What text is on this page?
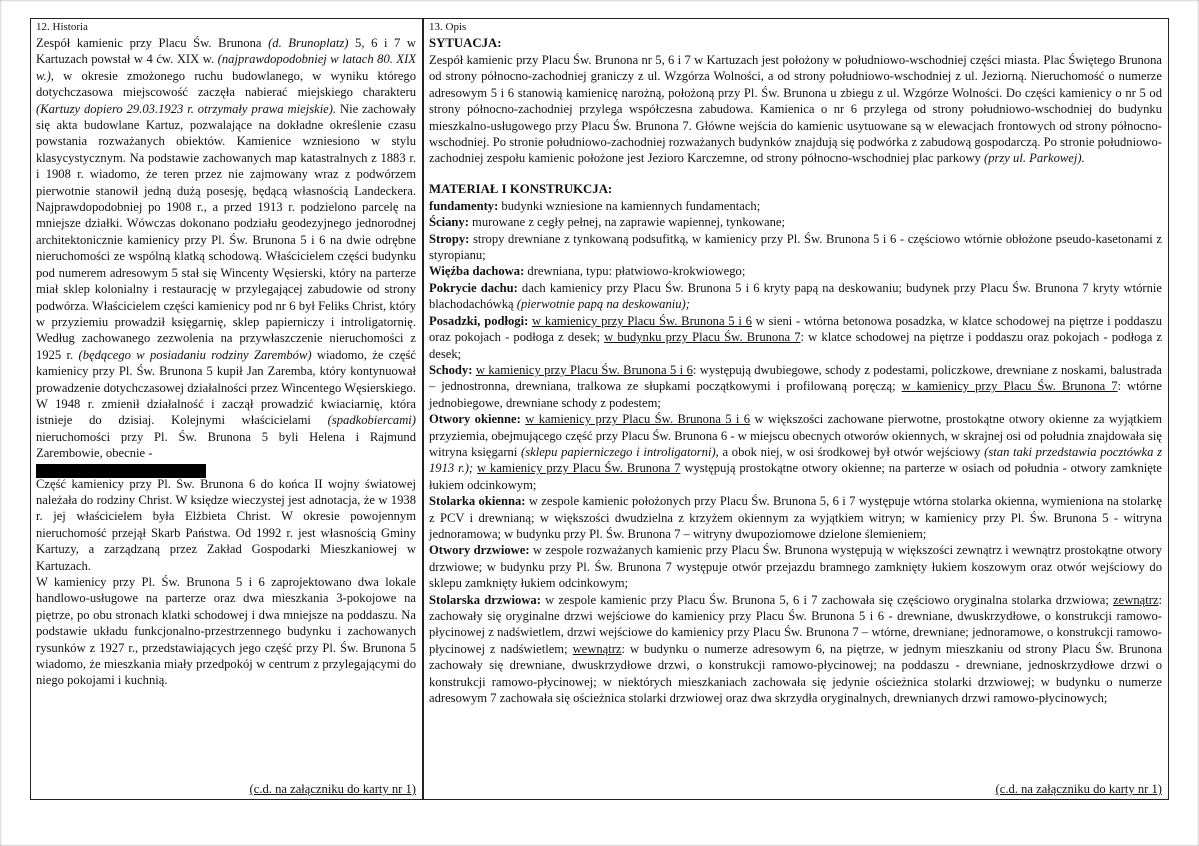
12. Historia

Zespół kamienic przy Placu Św. Brunona (d. Brunoplatz) 5, 6 i 7 w Kartuzach powstał w 4 ćw. XIX w. (najprawdopodobniej w latach 80. XIX w.), w okresie zmożonego ruchu budowlanego, w wyniku którego dotychczasowa miejscowość zaczęła nabierać miejskiego charakteru (Kartuzy dopiero 29.03.1923 r. otrzymały prawa miejskie). Nie zachowały się akta budowlane Kartuz, pozwalające na dokładne określenie czasu powstania rozważanych obiektów. Kamienice wzniesiono w stylu klasycystycznym. Na podstawie zachowanych map katastralnych z 1883 r. i 1908 r. wiadomo, że teren przez nie zajmowany wraz z podwórzem pierwotnie stanowił jedną dużą posesję, będącą własnością Landeckera. Najprawdopodobniej po 1908 r., a przed 1913 r. podzielono parcelę na mniejsze działki. Wówczas dokonano podziału geodezyjnego jednorodnej architektonicznie kamienicy przy Pl. Św. Brunona 5 i 6 na dwie odrębne nieruchomości ze wspólną klatką schodową. Właścicielem części budynku pod numerem adresowym 5 stał się Wincenty Węsierski, który na parterze miał sklep kolonialny i restaurację w przylegającej zabudowie od strony podwórza. Właścicielem części kamienicy pod nr 6 był Feliks Christ, który w przyziemiu prowadził księgarnię, sklep papierniczy i introligatornię. Według zachowanego zezwolenia na przywłaszczenie nieruchomości z 1925 r. (będącego w posiadaniu rodziny Zarembów) wiadomo, że część kamienicy przy Pl. Św. Brunona 5 kupił Jan Zaremba, który kontynuował prowadzenie dotychczasowej działalności przez Wincentego Węsierskiego. W 1948 r. zmienił działalność i zaczął prowadzić kwiaciarnię, która istnieje do dzisiaj. Kolejnymi właścicielami (spadkobiercami) nieruchomości przy Pl. Św. Brunona 5 byli Helena i Rajmund Zarembowie, obecnie -

Część kamienicy przy Pl. Św. Brunona 6 do końca II wojny światowej należała do rodziny Christ. W księdze wieczystej jest adnotacja, że w 1938 r. jej właścicielem była Elżbieta Christ. W okresie powojennym nieruchomość przejął Skarb Państwa. Od 1992 r. jest własnością Gminy Kartuzy, a zarządzaną przez Zakład Gospodarki Mieszkaniowej w Kartuzach.

W kamienicy przy Pl. Św. Brunona 5 i 6 zaprojektowano dwa lokale handlowo-usługowe na parterze oraz dwa mieszkania 3-pokojowe na piętrze, po obu stronach klatki schodowej i dwa mniejsze na poddaszu. Na podstawie układu funkcjonalno-przestrzennego budynku i zachowanych rysunków z 1927 r., przedstawiających jego część przy Pl. Św. Brunona 5 wiadomo, że mieszkania miały przedpokój w centrum z przylegającymi do niego pokojami i kuchnią.

(c.d. na załączniku do karty nr 1)
13. Opis

SYTUACJA:

Zespół kamienic przy Placu Św. Brunona nr 5, 6 i 7 w Kartuzach jest położony w południowo-wschodniej części miasta. Plac Świętego Brunona od strony północno-zachodniej graniczy z ul. Wzgórza Wolności, a od strony południowo-wschodniej z ul. Jeziorną. Nieruchomość o numerze adresowym 5 i 6 stanowią kamienicę narożną, położoną przy Pl. Św. Brunona u zbiegu z ul. Wzgórze Wolności. Do części kamienicy o nr 5 od strony północno-zachodniej przylega współczesna zabudowa. Kamienica o nr 6 przylega od strony południowo-wschodniej do budynku mieszkalno-usługowego przy Placu Św. Brunona 7. Główne wejścia do kamienic usytuowane są w elewacjach frontowych od strony północno-wschodniej. Po stronie południowo-zachodniej rozważanych budynków znajdują się podwórka z zabudową gospodarczą. Po stronie południowo-zachodniej zespołu kamienic położone jest Jezioro Karczemne, od strony północno-wschodniej plac parkowy (przy ul. Parkowej).

MATERIAŁ I KONSTRUKCJA:

fundamenty: budynki wzniesione na kamiennych fundamentach;

Ściany: murowane z cegły pełnej, na zaprawie wapiennej, tynkowane;

Stropy: stropy drewniane z tynkowaną podsufitką, w kamienicy przy Pl. Św. Brunona 5 i 6 - częściowo wtórnie obłożone pseudo-kasetonami z styropianu;

Więźba dachowa: drewniana, typu: płatwiowo-krokwiowego;

Pokrycie dachu: dach kamienicy przy Placu Św. Brunona 5 i 6 kryty papą na deskowaniu; budynek przy Placu Św. Brunona 7 kryty wtórnie blachodachówką (pierwotnie papą na deskowaniu);

Posadzki, podłogi: w kamienicy przy Placu Św. Brunona 5 i 6 w sieni - wtórna betonowa posadzka, w klatce schodowej na piętrze i poddaszu oraz pokojach - podłoga z desek; w budynku przy Placu Św. Brunona 7: w klatce schodowej na piętrze i poddaszu oraz pokojach - podłoga z desek;

Schody: w kamienicy przy Placu Św. Brunona 5 i 6: występują dwubiegowe, schody z podestami, policzkowe, drewniane z noskami, balustrada – jednostronna, drewniana, tralkowa ze słupkami początkowymi i profilowaną poręczą; w kamienicy przy Placu Św. Brunona 7: wtórne jednobiegowe, drewniane schody z podestem;

Otwory okienne: w kamienicy przy Placu Św. Brunona 5 i 6 w większości zachowane pierwotne, prostokątne otwory okienne za wyjątkiem przyziemia, obejmującego część przy Placu Św. Brunona 6 - w miejscu obecnych otworów okiennych, w skrajnej osi od południa znajdowała się witryna księgarni (sklepu papierniczego i introligatorni), a obok niej, w osi środkowej był otwór wejściowy (stan taki przedstawia pocztówka z 1913 r.); w kamienicy przy Placu Św. Brunona 7 występują prostokątne otwory okienne; na parterze w osiach od południa - otwory zamknięte łukiem odcinkowym;

Stolarka okienna: w zespole kamienic położonych przy Placu Św. Brunona 5, 6 i 7 występuje wtórna stolarka okienna, wymieniona na stolarkę z PCV i drewnianą; w większości dwudzielna z krzyżem okiennym za wyjątkiem witryn; w kamienicy przy Pl. Św. Brunona 5 - witryna jednoramowa; w budynku przy Pl. Św. Brunona 7 – witryny dwupoziomowe dzielone ślemieniem;

Otwory drzwiowe: w zespole rozważanych kamienic przy Placu Św. Brunona występują w większości zewnątrz i wewnątrz prostokątne otwory drzwiowe; w budynku przy Pl. Św. Brunona 7 występuje otwór przejazdu bramnego zamknięty łukiem koszowym oraz otwór wejściowy do sklepu zamknięty łukiem odcinkowym;

Stolarska drzwiowa: w zespole kamienic przy Placu Św. Brunona 5, 6 i 7 zachowała się częściowo oryginalna stolarka drzwiowa; zewnątrz: zachowały się oryginalne drzwi wejściowe do kamienicy przy Placu Św. Brunona 5 i 6 - drewniane, dwuskrzydłowe, o konstrukcji ramowo-płycinowej z nadświetlem, drzwi wejściowe do kamienicy przy Placu Św. Brunona 7 – wtórne, drewniane; jednoramowe, o konstrukcji ramowo-płycinowej z nadświetlem; wewnątrz: w budynku o numerze adresowym 6, na piętrze, w jednym mieszkaniu od strony Placu Św. Brunona zachowały się drewniane, dwuskrzydłowe drzwi, o konstrukcji ramowo-płycinowej; na poddaszu - drewniane, jednoskrzydłowe drzwi o konstrukcji ramowo-płycinowej; w niektórych mieszkaniach zachowała się jedynie ościeżnica stolarki drzwiowej; w budynku o numerze adresowym 7 zachowała się ościeżnica stolarki drzwiowej oraz dwa skrzydła oryginalnych, drewnianych drzwi ramowo-płycinowych;

(c.d. na załączniku do karty nr 1)
